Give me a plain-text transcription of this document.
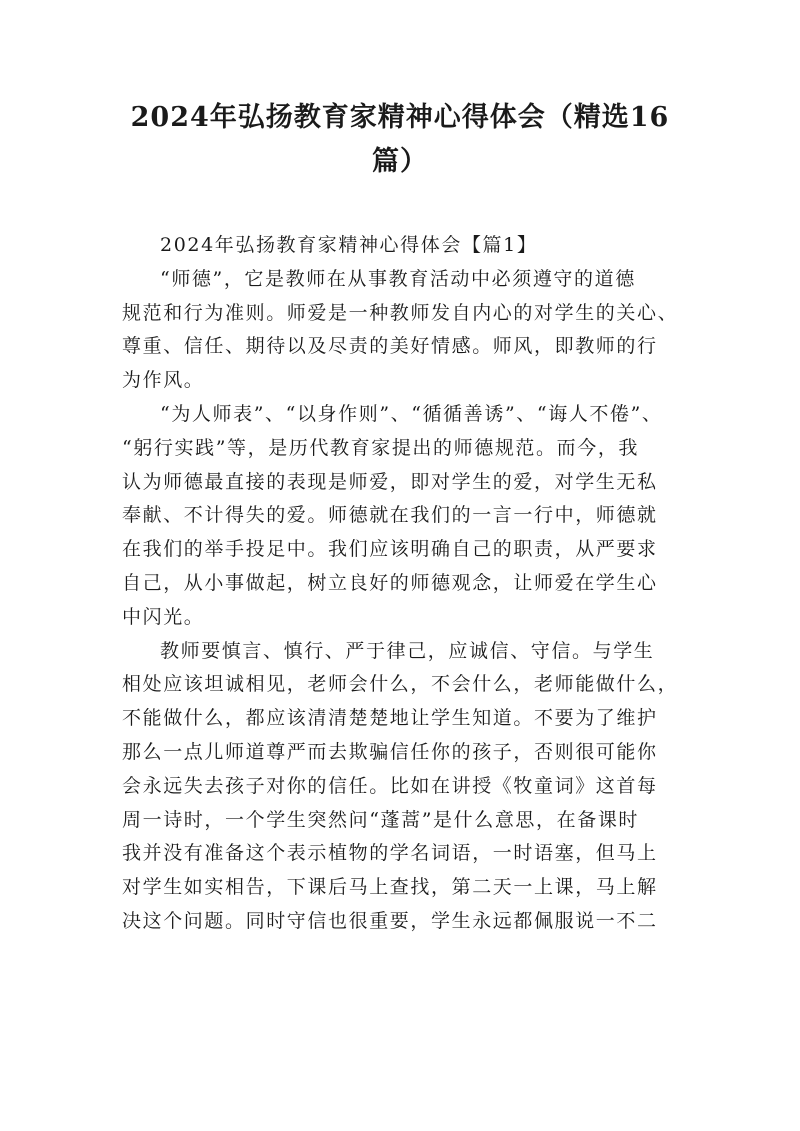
2024年弘扬教育家精神心得体会（精选16
篇）
2024年弘扬教育家精神心得体会【篇1】
“师德”，它是教师在从事教育活动中必须遵守的道德
规范和行为准则。师爱是一种教师发自内心的对学生的关心、
尊重、信任、期待以及尽责的美好情感。师风，即教师的行
为作风。
“为人师表”、“以身作则”、“循循善诱”、“诲人不倦”、
“躬行实践”等，是历代教育家提出的师德规范。而今，我
认为师德最直接的表现是师爱，即对学生的爱，对学生无私
奉献、不计得失的爱。师德就在我们的一言一行中，师德就
在我们的举手投足中。我们应该明确自己的职责，从严要求
自己，从小事做起，树立良好的师德观念，让师爱在学生心
中闪光。
教师要慎言、慎行、严于律己，应诚信、守信。与学生
相处应该坦诚相见，老师会什么，不会什么，老师能做什么，
不能做什么，都应该清清楚楚地让学生知道。不要为了维护
那么一点儿师道尊严而去欺骗信任你的孩子，否则很可能你
会永远失去孩子对你的信任。比如在讲授《牧童词》这首每
周一诗时，一个学生突然问“蓬蒿”是什么意思，在备课时
我并没有准备这个表示植物的学名词语，一时语塞，但马上
对学生如实相告，下课后马上查找，第二天一上课，马上解
决这个问题。同时守信也很重要，学生永远都佩服说一不二
